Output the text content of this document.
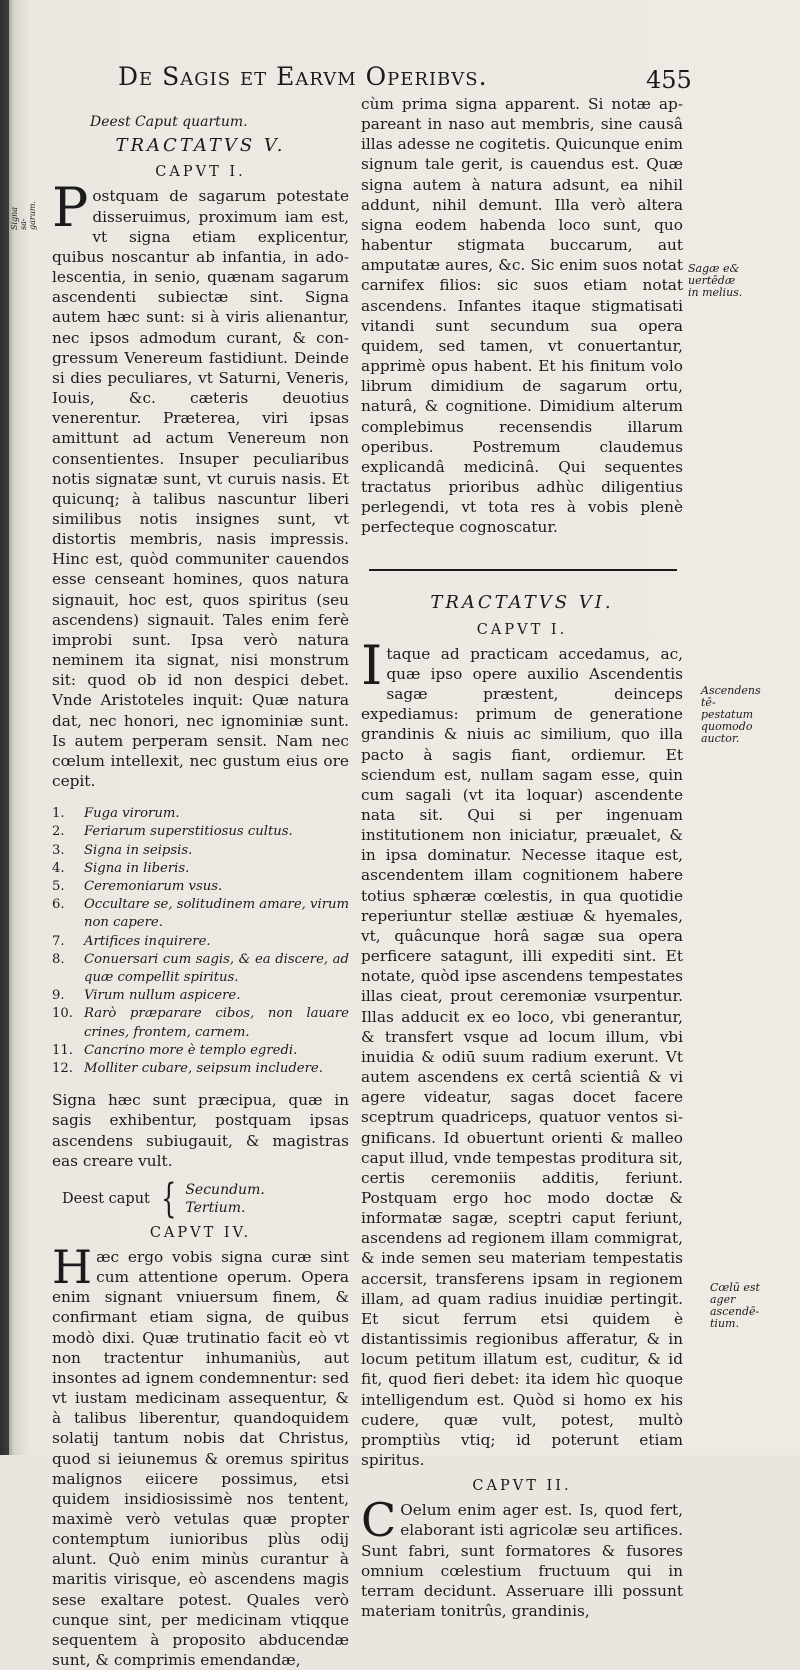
De Sagis et Earvm Operibvs.	455
Signa sagarum.
Sagæ e& uertēdæ in melius.
Ascendens tēpestatum quomodo auctor.
Cœlū est ager ascendētium.

Deest Caput quartum.

TRACTATVS V.

CAPVT I.

Postquam de sagarum potestate disseruimus, proximum iam est, vt signa etiam explicentur, quibus noscantur ab infantia, in adolescentia, in senio, quænam sagarum ascendenti subiectæ sint. Signa autem hæc sunt: si à viris alienantur, nec ipsos admodum curant, & congressum Venereum fastidiunt. Deinde si dies peculiares, vt Saturni, Veneris, Iouis, &c. cæteris deuotius venerentur. Præterea, viri ipsas amittunt ad actum Venereum non consentientes. Insuper peculiaribus notis signatæ sunt, vt curuis nasis. Et quicunq; à talibus nascuntur liberi similibus notis insignes sunt, vt distortis membris, nasis impressis. Hinc est, quòd communiter cauendos esse censeant homines, quos natura signauit, hoc est, quos spiritus (seu ascendens) signauit. Tales enim ferè improbi sunt. Ipsa verò natura neminem ita signat, nisi monstrum sit: quod ob id non despici debet. Vnde Aristoteles inquit: Quæ natura dat, nec honori, nec ignominiæ sunt. Is autem perperam sensit. Nam nec cœlum intellexit, nec gustum eius ore cepit.

1.	Fuga virorum.
2.	Feriarum superstitiosus cultus.
3.	Signa in seipsis.
4.	Signa in liberis.
5.	Ceremoniarum vsus.
6.	Occultare se, solitudinem amare, virum non capere.
7.	Artifices inquirere.
8.	Conuersari cum sagis, & ea discere, ad quæ compellit spiritus.
9.	Virum nullum aspicere.
10. Rarò præparare cibos, non lauare crines, frontem, carnem.
11. Cancrino more è templo egredi.
12. Molliter cubare, seipsum includere.

Signa hæc sunt præcipua, quæ in sagis exhibentur, postquam ipsas ascendens subiugauit, & magistras eas creare vult.

Deest caput { Secundum.
Tertium.

CAPVT IV.

Hæc ergo vobis signa curæ sint cum attentione operum. Opera enim signant vniuersum finem, & confirmant etiam signa, de quibus modò dixi. Quæ trutinatio facit eò vt non tractentur inhumaniùs, aut insontes ad ignem condemnentur: sed vt iustam medicinam assequentur, & à talibus liberentur, quandoquidem solatij tantum nobis dat Christus, quod si ieiunemus & oremus spiritus malignos eiicere possimus, etsi quidem insidiosissimè nos tentent, maximè verò vetulas quæ propter contemptum iunioribus plùs odij alunt. Quò enim minùs curantur à maritis virisque, eò ascendens magis sese exaltare potest. Quales verò cunque sint, per medicinam vtiqque sequentem à proposito abducendæ sunt, & comprimis emendandæ,

cùm prima signa apparent. Si notæ appareant in naso aut membris, sine causâ illas adesse ne cogitetis. Quicunque enim signum tale gerit, is cauendus est. Quæ signa autem à natura adsunt, ea nihil addunt, nihil demunt. Illa verò altera signa eodem habenda loco sunt, quo habentur stigmata buccarum, aut amputatæ aures, &c. Sic enim suos notat carnifex filios: sic suos etiam notat ascendens. Infantes itaque stigmatisati vitandi sunt secundum sua opera quidem, sed tamen, vt conuertantur, apprimè opus habent. Et his finitum volo librum dimidium de sagarum ortu, naturâ, & cognitione. Dimidium alterum complebimus recensendis illarum operibus. Postremum claudemus explicandâ medicinâ. Qui sequentes tractatus prioribus adhùc diligentius perlegendi, vt tota res à vobis plenè perfecteque cognoscatur.

TRACTATVS VI.

CAPVT I.

Itaque ad practicam accedamus, ac, quæ ipso opere auxilio Ascendentis sagæ præstent, deinceps expediamus: primum de generatione grandinis & niuis ac similium, quo illa pacto à sagis fiant, ordiemur. Et sciendum est, nullam sagam esse, quin cum sagali (vt ita loquar) ascendente nata sit. Qui si per ingenuam institutionem non iniciatur, præualet, & in ipsa dominatur. Necesse itaque est, ascendentem illam cognitionem habere totius sphæræ cœlestis, in qua quotidie reperiuntur stellæ æstiuæ & hyemales, vt, quâcunque horâ sagæ sua opera perficere satagunt, illi expediti sint. Et notate, quòd ipse ascendens tempestates illas cieat, prout ceremoniæ vsurpentur. Illas adducit ex eo loco, vbi generantur, & transfert vsque ad locum illum, vbi inuidia & odiū suum radium exerunt. Vt autem ascendens ex certâ scientiâ & vi agere videatur, sagas docet facere sceptrum quadriceps, quatuor ventos significans. Id obuertunt orienti & malleo caput illud, vnde tempestas proditura sit, certis ceremoniis additis, feriunt. Postquam ergo hoc modo doctæ & informatæ sagæ, sceptri caput feriunt, ascendens ad regionem illam commigrat, & inde semen seu materiam tempestatis accersit, transferens ipsam in regionem illam, ad quam radius inuidiæ pertingit. Et sicut ferrum etsi quidem è distantissimis regionibus afferatur, & in locum petitum illatum est, cuditur, & id fit, quod fieri debet: ita idem hìc quoque intelligendum est. Quòd si homo ex his cudere, quæ vult, potest, multò promptiùs vtiq; id poterunt etiam spiritus.

CAPVT II.

C Oelum enim ager est. Is, quod fert, elaborant isti agricolæ seu artifices. Sunt fabri, sunt formatores & fusores omnium cœlestium fructuum qui in terram decidunt. Asseruare illi possunt materiam tonitrûs, grandinis,
